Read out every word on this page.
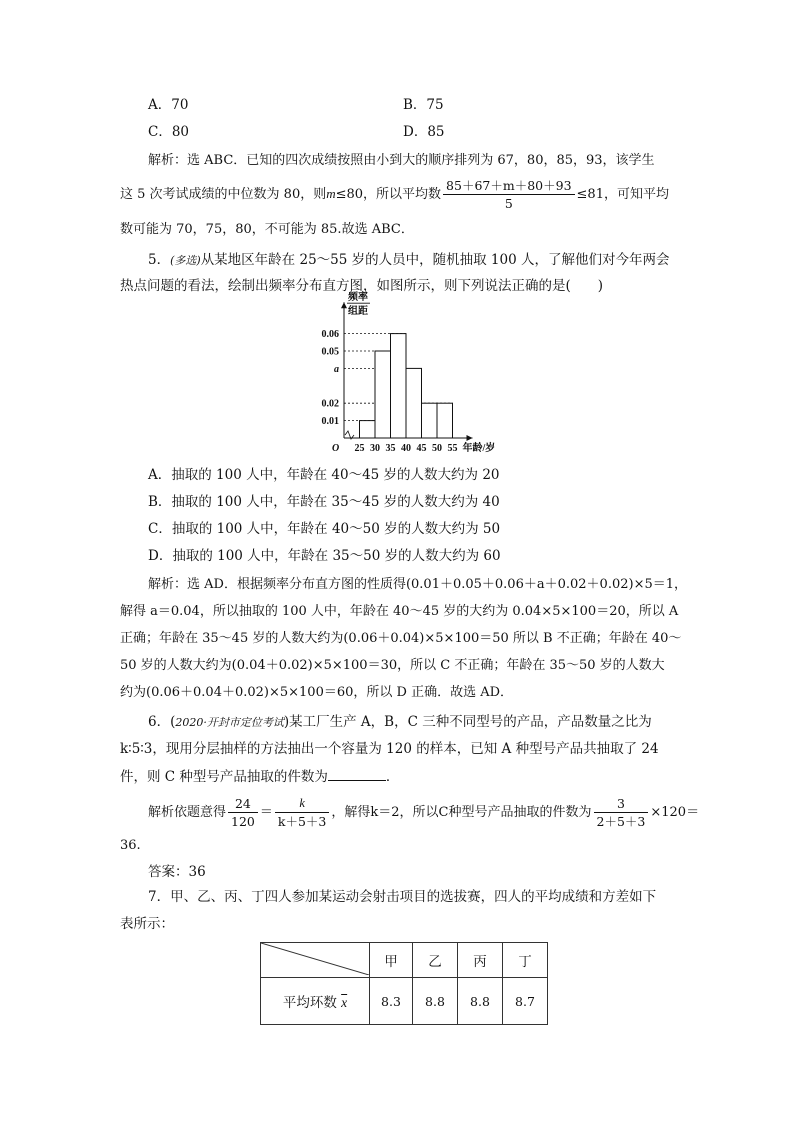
A．70	B．75
C．80	D．85
解析：选 ABC．已知的四次成绩按照由小到大的顺序排列为 67，80，85，93，该学生
这 5 次考试成绩的中位数为 80，则m≤80，所以平均数 $\frac{85+67+m+80+93}{5} \le 81$，可知平均
数可能为 70，75，80，不可能为 85.故选 ABC．
5．(多选)从某地区年龄在 25～55 岁的人员中，随机抽取 100 人，了解他们对今年两会
热点问题的看法，绘制出频率分布直方图，如图所示，则下列说法正确的是(　　)
O
频率
组距
0.01
0.02
a
0.05
0.06
25 30 35 40 45 50 55 年龄/岁
A．抽取的 100 人中，年龄在 40～45 岁的人数大约为 20
B．抽取的 100 人中，年龄在 35～45 岁的人数大约为 40
C．抽取的 100 人中，年龄在 40～50 岁的人数大约为 50
D．抽取的 100 人中，年龄在 35～50 岁的人数大约为 60
解析：选 AD．根据频率分布直方图的性质得(0.01＋0.05＋0.06＋a＋0.02＋0.02)×5＝1，
解得 a＝0.04，所以抽取的 100 人中，年龄在 40～45 岁的大约为 0.04×5×100＝20，所以 A
正确；年龄在 35～45 岁的人数大约为(0.06＋0.04)×5×100＝50 所以 B 不正确；年龄在 40～
50 岁的人数大约为(0.04＋0.02)×5×100＝30，所以 C 不正确；年龄在 35～50 岁的人数大
约为(0.06＋0.04＋0.02)×5×100＝60，所以 D 正确．故选 AD．
6．(2020·开封市定位考试)某工厂生产 A，B，C 三种不同型号的产品，产品数量之比为
k∶5∶3，现用分层抽样的方法抽出一个容量为 120 的样本，已知 A 种型号产品共抽取了 24
件，则 C 种型号产品抽取的件数为	．
解析依题意得 $\frac{24}{120} = \frac{k}{k+5+3}$ ，解得k＝2，所以C种型号产品抽取的件数为 $\frac{3}{2+5+3} \times 120=$
36.
答案：36
7．甲、乙、丙、丁四人参加某运动会射击项目的选拔赛，四人的平均成绩和方差如下
表所示：
	甲	乙	丙	丁
平均环数 $\overline{x}$	8.3	8.8	8.8	8.7
